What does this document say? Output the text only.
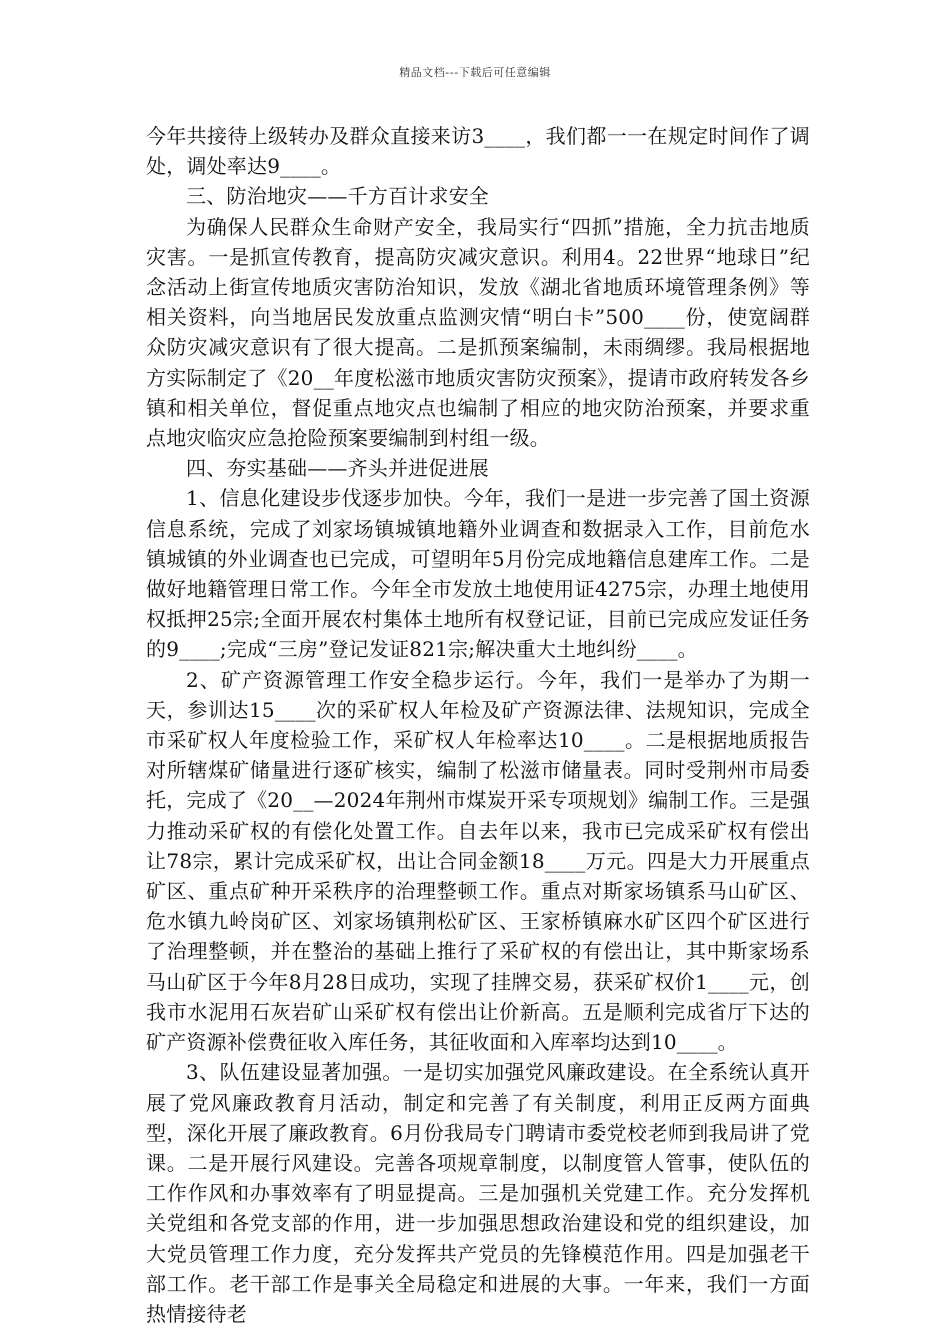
精品文档---下载后可任意编辑

今年共接待上级转办及群众直接来访3____，我们都一一在规定时间作了调处，调处率达9____。

三、防治地灾——千方百计求安全

为确保人民群众生命财产安全，我局实行“四抓”措施，全力抗击地质灾害。一是抓宣传教育，提高防灾减灾意识。利用4。22世界“地球日”纪念活动上街宣传地质灾害防治知识，发放《湖北省地质环境管理条例》等相关资料，向当地居民发放重点监测灾情“明白卡”500____份，使宽阔群众防灾减灾意识有了很大提高。二是抓预案编制，未雨绸缪。我局根据地方实际制定了《20__年度松滋市地质灾害防灾预案》，提请市政府转发各乡镇和相关单位，督促重点地灾点也编制了相应的地灾防治预案，并要求重点地灾临灾应急抢险预案要编制到村组一级。

四、夯实基础——齐头并进促进展

1、信息化建设步伐逐步加快。今年，我们一是进一步完善了国土资源信息系统，完成了刘家场镇城镇地籍外业调查和数据录入工作，目前危水镇城镇的外业调查也已完成，可望明年5月份完成地籍信息建库工作。二是做好地籍管理日常工作。今年全市发放土地使用证4275宗，办理土地使用权抵押25宗;全面开展农村集体土地所有权登记证，目前已完成应发证任务的9____;完成“三房”登记发证821宗;解决重大土地纠纷____。

2、矿产资源管理工作安全稳步运行。今年，我们一是举办了为期一天，参训达15____次的采矿权人年检及矿产资源法律、法规知识，完成全市采矿权人年度检验工作，采矿权人年检率达10____。二是根据地质报告对所辖煤矿储量进行逐矿核实，编制了松滋市储量表。同时受荆州市局委托，完成了《20__—2024年荆州市煤炭开采专项规划》编制工作。三是强力推动采矿权的有偿化处置工作。自去年以来，我市已完成采矿权有偿出让78宗，累计完成采矿权，出让合同金额18____万元。四是大力开展重点矿区、重点矿种开采秩序的治理整顿工作。重点对斯家场镇系马山矿区、危水镇九岭岗矿区、刘家场镇荆松矿区、王家桥镇麻水矿区四个矿区进行了治理整顿，并在整治的基础上推行了采矿权的有偿出让，其中斯家场系马山矿区于今年8月28日成功，实现了挂牌交易，获采矿权价1____元，创我市水泥用石灰岩矿山采矿权有偿出让价新高。五是顺利完成省厅下达的矿产资源补偿费征收入库任务，其征收面和入库率均达到10____。

3、队伍建设显著加强。一是切实加强党风廉政建设。在全系统认真开展了党风廉政教育月活动，制定和完善了有关制度，利用正反两方面典型，深化开展了廉政教育。6月份我局专门聘请市委党校老师到我局讲了党课。二是开展行风建设。完善各项规章制度，以制度管人管事，使队伍的工作作风和办事效率有了明显提高。三是加强机关党建工作。充分发挥机关党组和各党支部的作用，进一步加强思想政治建设和党的组织建设，加大党员管理工作力度，充分发挥共产党员的先锋模范作用。四是加强老干部工作。老干部工作是事关全局稳定和进展的大事。一年来，我们一方面热情接待老
